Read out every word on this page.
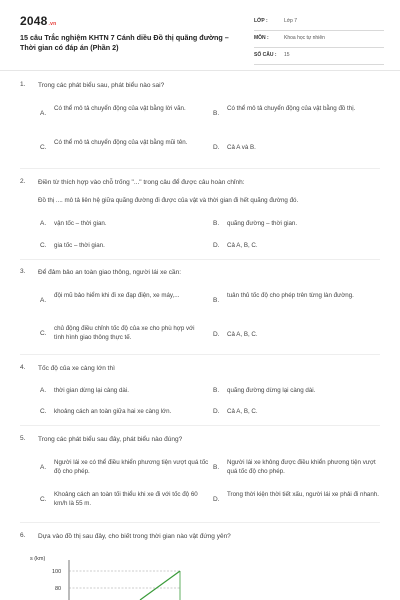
2048.vn
15 câu Trắc nghiệm KHTN 7 Cánh diều Đồ thị quãng đường – Thời gian có đáp án (Phần 2)
LỚP :	Lớp 7
MÔN :	Khoa học tự nhiên
SỐ CÂU : 15
1. Trong các phát biểu sau, phát biểu nào sai?
A.
Có thể mô tả chuyển động của vật bằng lời văn.
B.
Có thể mô tả chuyển động của vật bằng đồ thị.
C.
Có thể mô tả chuyển động của vật bằng mũi tên.
D. Cả A và B.
2. Điền từ thích hợp vào chỗ trống "..." trong câu để được câu hoàn chỉnh:
Đồ thị .... mô tả liên hệ giữa quãng đường đi được của vật và thời gian đi hết quãng đường đó.
A. vận tốc – thời gian.	B. quãng đường – thời gian.
C. gia tốc – thời gian.	D. Cả A, B, C.
3. Để đảm bảo an toàn giao thông, người lái xe cần:
A.
đội mũ bảo hiểm khi đi xe đạp điện, xe máy,...
B.
tuân thủ tốc độ cho phép trên từng làn đường.
C.
chủ động điều chỉnh tốc độ của xe cho phù hợp với tình hình giao thông thực tế.	D. Cả A, B, C.
4. Tốc độ của xe càng lớn thì
A. thời gian dừng lại càng dài.	B. quãng đường dừng lại càng dài.
C. khoảng cách an toàn giữa hai xe càng lớn.	D. Cả A, B, C.
5. Trong các phát biểu sau đây, phát biểu nào đúng?
A.
Người lái xe có thể điều khiển phương tiện vượt quá tốc độ cho phép.
B.
Người lái xe không được điều khiển phương tiện vượt quá tốc độ cho phép.
C.
Khoảng cách an toàn tối thiểu khi xe đi với tốc độ 60 km/h là 55 m.
D.
Trong thời kiện thời tiết xấu, người lái xe phải đi nhanh.
6. Dựa vào đồ thị sau đây, cho biết trong thời gian nào vật đứng yên?
s (km)
100
80
